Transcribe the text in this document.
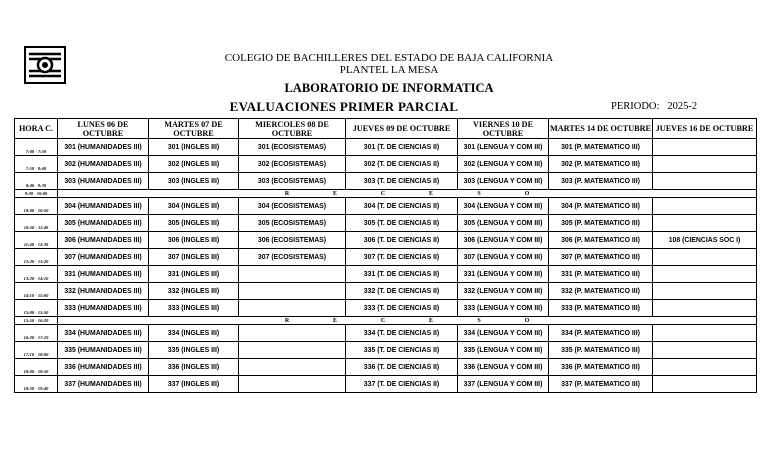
COLEGIO DE BACHILLERES DEL ESTADO DE BAJA CALIFORNIA
PLANTEL LA MESA
LABORATORIO DE INFORMATICA
EVALUACIONES PRIMER PARCIAL	PERIODO: 2025-2
HORA C.	LUNES 06 DE OCTUBRE	MARTES 07 DE OCTUBRE	MIERCOLES 08 DE OCTUBRE	JUEVES 09 DE OCTUBRE	VIERNES 10 DE OCTUBRE	MARTES 14 DE OCTUBRE	JUEVES 16 DE OCTUBRE
7:00 - 7:50	301 (HUMANIDADES III)	301 (INGLES III)	301 (ECOSISTEMAS)	301 (T. DE CIENCIAS II)	301 (LENGUA Y COM III)	301 (P. MATEMATICO III)	
7:50 - 8:40	302 (HUMANIDADES III)	302 (INGLES III)	302 (ECOSISTEMAS)	302 (T. DE CIENCIAS II)	302 (LENGUA Y COM III)	302 (P. MATEMATICO III)	
8:40 - 9:30	303 (HUMANIDADES III)	303 (INGLES III)	303 (ECOSISTEMAS)	303 (T. DE CIENCIAS II)	303 (LENGUA Y COM III)	303 (P. MATEMATICO III)	
9:30 - 10:00	R E C E S O						
10:00 - 10:50	304 (HUMANIDADES III)	304 (INGLES III)	304 (ECOSISTEMAS)	304 (T. DE CIENCIAS II)	304 (LENGUA Y COM III)	304 (P. MATEMATICO III)	
10:50 - 11:40	305 (HUMANIDADES III)	305 (INGLES III)	305 (ECOSISTEMAS)	305 (T. DE CIENCIAS II)	305 (LENGUA Y COM III)	305 (P. MATEMATICO III)	
11:40 - 12:30	306 (HUMANIDADES III)	306 (INGLES III)	306 (ECOSISTEMAS)	306 (T. DE CIENCIAS II)	306 (LENGUA Y COM III)	306 (P. MATEMATICO III)	108 (CIENCIAS SOC I)
12:30 - 13:20	307 (HUMANIDADES III)	307 (INGLES III)	307 (ECOSISTEMAS)	307 (T. DE CIENCIAS II)	307 (LENGUA Y COM III)	307 (P. MATEMATICO III)	
13:20 - 14:10	331 (HUMANIDADES III)	331 (INGLES III)		331 (T. DE CIENCIAS II)	331 (LENGUA Y COM III)	331 (P. MATEMATICO III)	
14:10 - 15:00	332 (HUMANIDADES III)	332 (INGLES III)		332 (T. DE CIENCIAS II)	332 (LENGUA Y COM III)	332 (P. MATEMATICO III)	
15:00 - 15:50	333 (HUMANIDADES III)	333 (INGLES III)		333 (T. DE CIENCIAS II)	333 (LENGUA Y COM III)	333 (P. MATEMATICO III)	
15:50 - 16:20	R E C E S O						
16:20 - 17:10	334 (HUMANIDADES III)	334 (INGLES III)		334 (T. DE CIENCIAS II)	334 (LENGUA Y COM III)	334 (P. MATEMATICO III)	
17:10 - 18:00	335 (HUMANIDADES III)	335 (INGLES III)		335 (T. DE CIENCIAS II)	335 (LENGUA Y COM III)	335 (P. MATEMATICO III)	
18:00 - 18:50	336 (HUMANIDADES III)	336 (INGLES III)		336 (T. DE CIENCIAS II)	336 (LENGUA Y COM III)	336 (P. MATEMATICO III)	
18:50 - 19:40	337 (HUMANIDADES III)	337 (INGLES III)		337 (T. DE CIENCIAS II)	337 (LENGUA Y COM III)	337 (P. MATEMATICO III)	
